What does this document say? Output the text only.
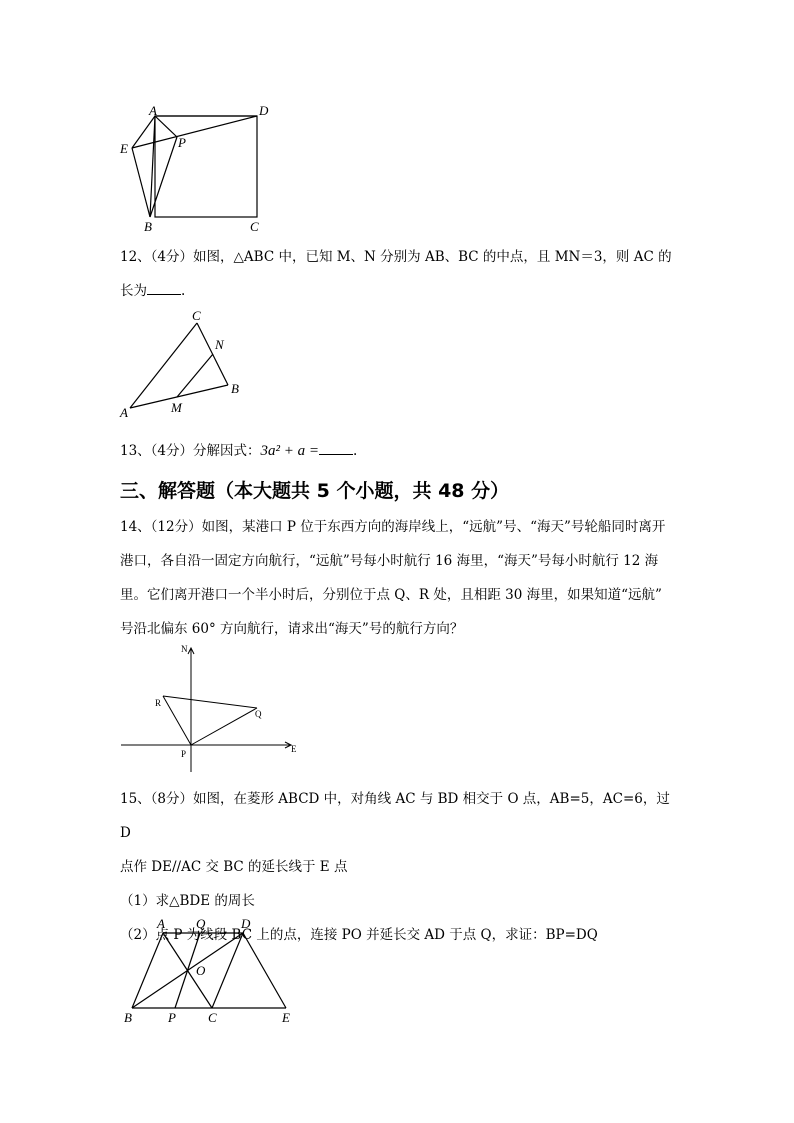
A	D
E	P
B	C

12、（4分）如图，△ABC 中，已知 M、N 分别为 AB、BC 的中点，且 MN＝3，则 AC 的

长为	.

C
N
A	M
B

13、（4分）分解因式：3a² + a =	.

三、解答题（本大题共 5 个小题，共 48 分）

14、（12分）如图，某港口 P 位于东西方向的海岸线上，“远航”号、“海天”号轮船同时离开

港口，各自沿一固定方向航行，“远航”号每小时航行 16 海里，“海天”号每小时航行 12 海

里。它们离开港口一个半小时后，分别位于点 Q、R 处，且相距 30 海里，如果知道“远航”

号沿北偏东 60° 方向航行，请求出“海天”号的航行方向？

N
R
Q
P	E

15、（8分）如图，在菱形 ABCD 中，对角线 AC 与 BD 相交于 O 点，AB=5，AC=6，过 D

点作 DE//AC 交 BC 的延长线于 E 点

（1）求△BDE 的周长

（2）点 P 为线段 BC 上的点，连接 PO 并延长交 AD 于点 Q，求证：BP=DQ

A Q	D
O
B	P C	E
